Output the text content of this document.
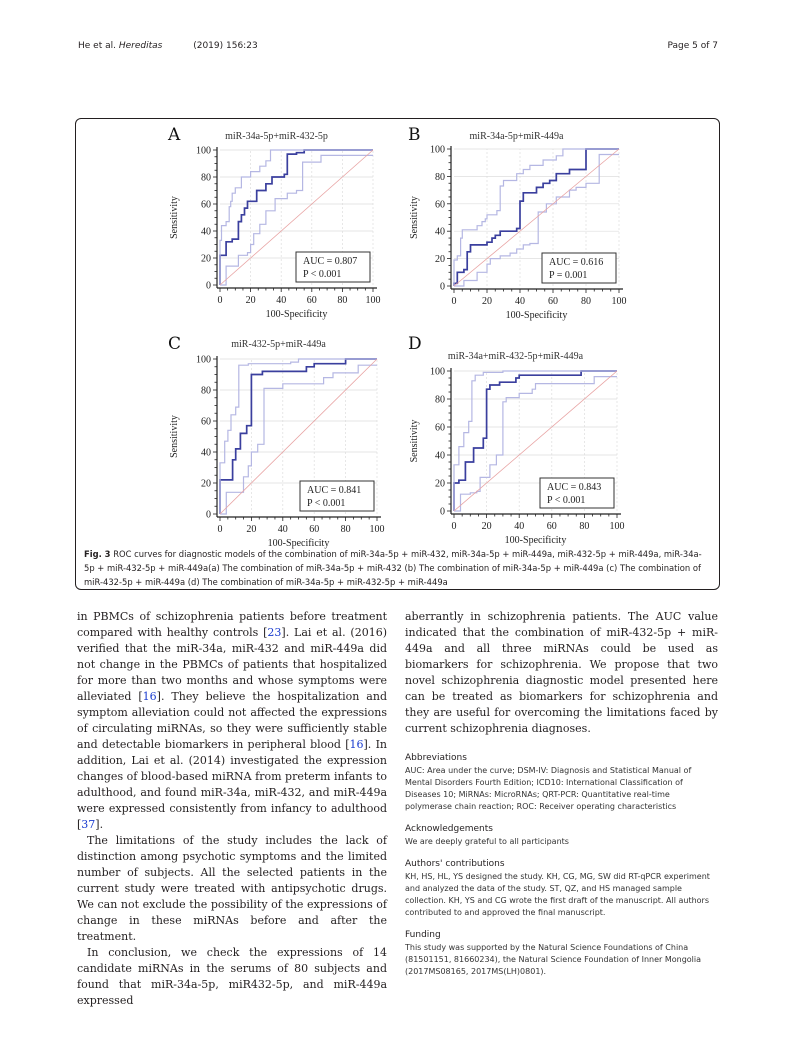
He et al. Hereditas	(2019) 156:23	Page 5 of 7
A	miR-34a-5p+miR-432-5p
0 20 40 60 80 100
0
20
40
60
80
100
100-Specificity
Sensitivity
AUC = 0.807
P < 0.001
B	miR-34a-5p+miR-449a
0	20 40 60 80 100
0
20
40
60
80
100
100-Specificity
Sensitivity
AUC = 0.616
P = 0.001
C	miR-432-5p+miR-449a
0 20 40 60 80 100
0
20
40
60
80
100
100-Specificity
Sensitivity
AUC = 0.841
P < 0.001
D
miR-34a+miR-432-5p+miR-449a
0	20 40 60 80 100
0
20
40
60
80
100
100-Specificity
Sensitivity
AUC = 0.843
P < 0.001
Fig. 3 ROC curves for diagnostic models of the combination of miR-34a-5p + miR-432, miR-34a-5p + miR-449a, miR-432-5p + miR-449a, miR-34a-5p + miR-432-5p + miR-449a(a) The combination of miR-34a-5p + miR-432 (b) The combination of miR-34a-5p + miR-449a (c) The combination of miR-432-5p + miR-449a (d) The combination of miR-34a-5p + miR-432-5p + miR-449a

in PBMCs of schizophrenia patients before treatment compared with healthy controls [23]. Lai et al. (2016) verified that the miR-34a, miR-432 and miR-449a did not change in the PBMCs of patients that hospitalized for more than two months and whose symptoms were alleviated [16]. They believe the hospitalization and symptom alleviation could not affected the expressions of circulating miRNAs, so they were sufficiently stable and detectable biomarkers in peripheral blood [16]. In addition, Lai et al. (2014) investigated the expression changes of blood-based miRNA from preterm infants to adulthood, and found miR-34a, miR-432, and miR-449a were expressed consistently from infancy to adulthood [37].

The limitations of the study includes the lack of distinction among psychotic symptoms and the limited number of subjects. All the selected patients in the current study were treated with antipsychotic drugs. We can not exclude the possibility of the expressions of change in these miRNAs before and after the treatment.

In conclusion, we check the expressions of 14 candidate miRNAs in the serums of 80 subjects and found that miR-34a-5p, miR432-5p, and miR-449a expressed

aberrantly in schizophrenia patients. The AUC value indicated that the combination of miR-432-5p + miR-449a and all three miRNAs could be used as biomarkers for schizophrenia. We propose that two novel schizophrenia diagnostic model presented here can be treated as biomarkers for schizophrenia and they are useful for overcoming the limitations faced by current schizophrenia diagnoses.

Abbreviations
AUC: Area under the curve; DSM-IV: Diagnosis and Statistical Manual of Mental Disorders Fourth Edition; ICD10: International Classification of Diseases 10; MiRNAs: MicroRNAs; QRT-PCR: Quantitative real-time polymerase chain reaction; ROC: Receiver operating characteristics
Acknowledgements
We are deeply grateful to all participants
Authors' contributions
KH, HS, HL, YS designed the study. KH, CG, MG, SW did RT-qPCR experiment and analyzed the data of the study. ST, QZ, and HS managed sample collection. KH, YS and CG wrote the first draft of the manuscript. All authors contributed to and approved the final manuscript.
Funding
This study was supported by the Natural Science Foundations of China (81501151, 81660234), the Natural Science Foundation of Inner Mongolia (2017MS08165, 2017MS(LH)0801).
